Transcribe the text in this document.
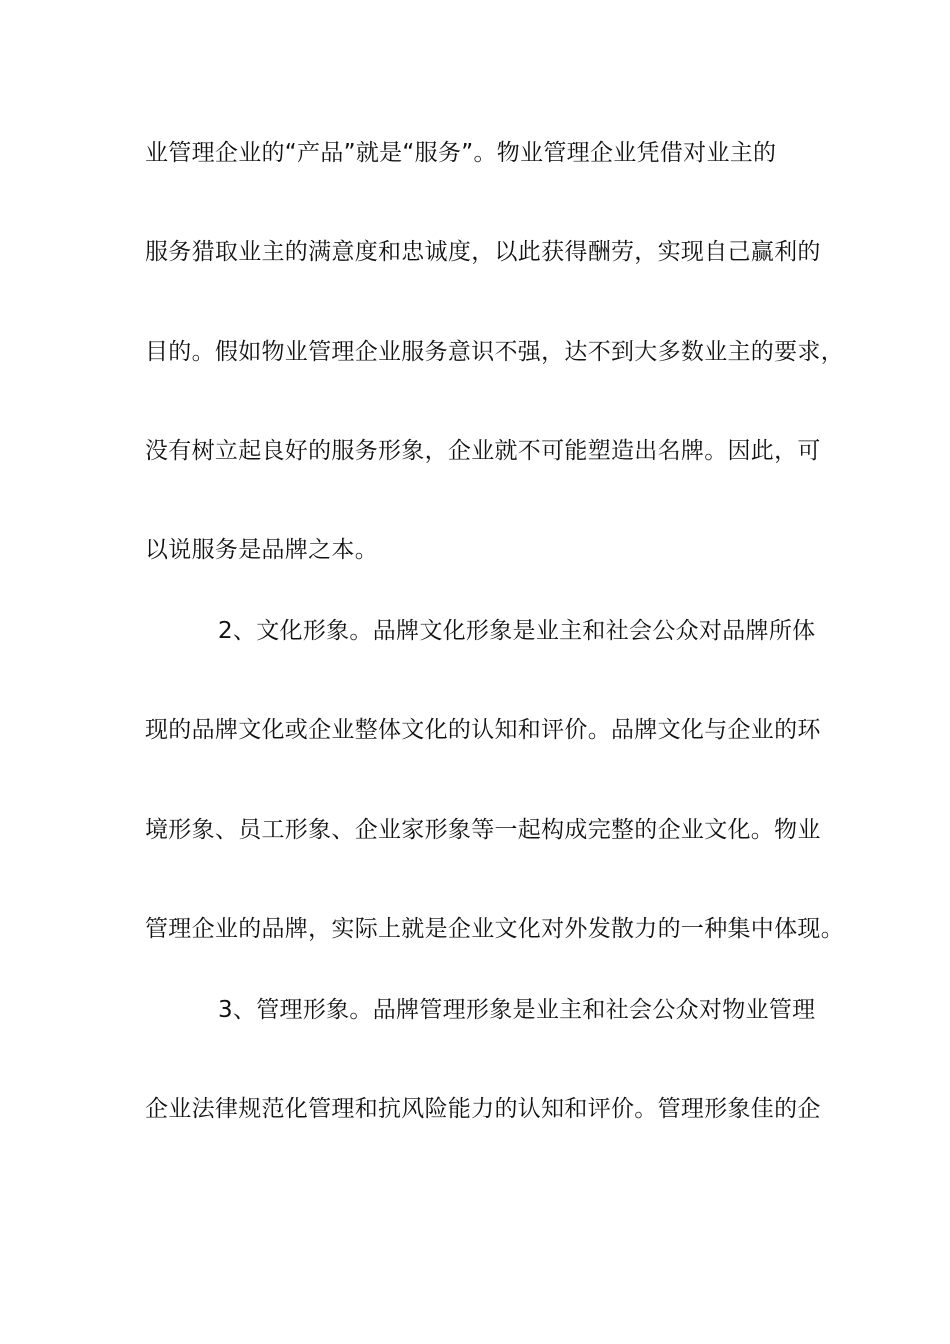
业管理企业的“产品”就是“服务”。物业管理企业凭借对业主的
服务猎取业主的满意度和忠诚度，以此获得酬劳，实现自己赢利的
目的。假如物业管理企业服务意识不强，达不到大多数业主的要求，
没有树立起良好的服务形象，企业就不可能塑造出名牌。因此，可
以说服务是品牌之本。
2、文化形象。品牌文化形象是业主和社会公众对品牌所体
现的品牌文化或企业整体文化的认知和评价。品牌文化与企业的环
境形象、员工形象、企业家形象等一起构成完整的企业文化。物业
管理企业的品牌，实际上就是企业文化对外发散力的一种集中体现。
3、管理形象。品牌管理形象是业主和社会公众对物业管理
企业法律规范化管理和抗风险能力的认知和评价。管理形象佳的企
